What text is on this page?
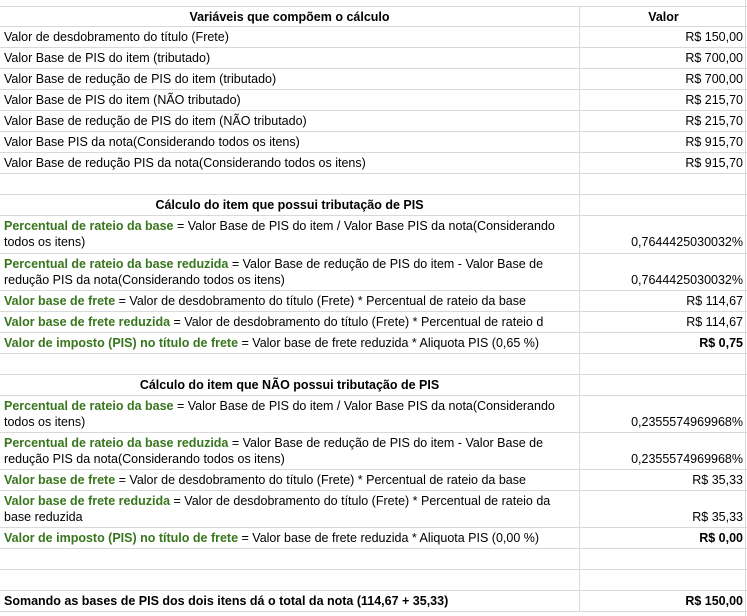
Variáveis que compõem o cálculo	Valor
Valor de desdobramento do título (Frete)	R$ 150,00
Valor Base de PIS do item (tributado)	R$ 700,00
Valor Base de redução de PIS do item (tributado)	R$ 700,00
Valor Base de PIS do item (NÃO tributado)	R$ 215,70
Valor Base de redução de PIS do item (NÃO tributado)	R$ 215,70
Valor Base PIS da nota(Considerando todos os itens)	R$ 915,70
Valor Base de redução PIS da nota(Considerando todos os itens)	R$ 915,70
Cálculo do item que possui tributação de PIS
Percentual de rateio da base = Valor Base de PIS do item / Valor Base PIS da nota(Considerando todos os itens)	0,7644425030032%
Percentual de rateio da base reduzida = Valor Base de redução de PIS do item - Valor Base de redução PIS da nota(Considerando todos os itens)	0,7644425030032%
Valor base de frete = Valor de desdobramento do título (Frete) * Percentual de rateio da base	R$ 114,67
Valor base de frete reduzida = Valor de desdobramento do título (Frete) * Percentual de rateio d	R$ 114,67
Valor de imposto (PIS) no título de frete = Valor base de frete reduzida * Aliquota PIS (0,65 %)	R$ 0,75
Cálculo do item que NÃO possui tributação de PIS
Percentual de rateio da base = Valor Base de PIS do item / Valor Base PIS da nota(Considerando todos os itens)	0,2355574969968%
Percentual de rateio da base reduzida = Valor Base de redução de PIS do item - Valor Base de redução PIS da nota(Considerando todos os itens)	0,2355574969968%
Valor base de frete = Valor de desdobramento do título (Frete) * Percentual de rateio da base	R$ 35,33
Valor base de frete reduzida = Valor de desdobramento do título (Frete) * Percentual de rateio da base reduzida	R$ 35,33
Valor de imposto (PIS) no título de frete = Valor base de frete reduzida * Aliquota PIS (0,00 %)	R$ 0,00
Somando as bases de PIS dos dois itens dá o total da nota (114,67 + 35,33)	R$ 150,00
